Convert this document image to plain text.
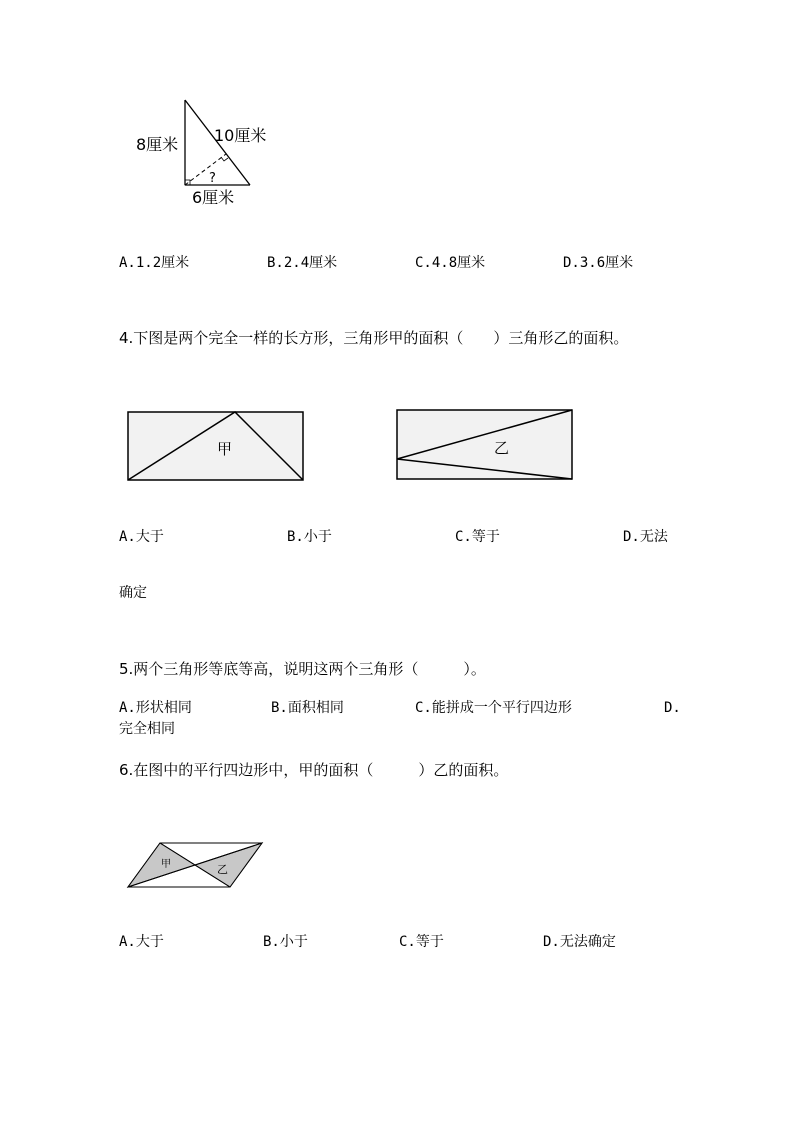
8厘米 10厘米
6厘米
?
A.1.2厘米	B.2.4厘米	C.4.8厘米	D.3.6厘米
4.下图是两个完全一样的长方形，三角形甲的面积（　　）三角形乙的面积。
甲	乙
A.大于	B.小于	C.等于	D.无法
确定
5.两个三角形等底等高，说明这两个三角形（　　　）。
A.形状相同	B.面积相同	C.能拼成一个平行四边形	D.
完全相同
6.在图中的平行四边形中，甲的面积（　　　）乙的面积。
甲	乙
A.大于	B.小于	C.等于	D.无法确定
